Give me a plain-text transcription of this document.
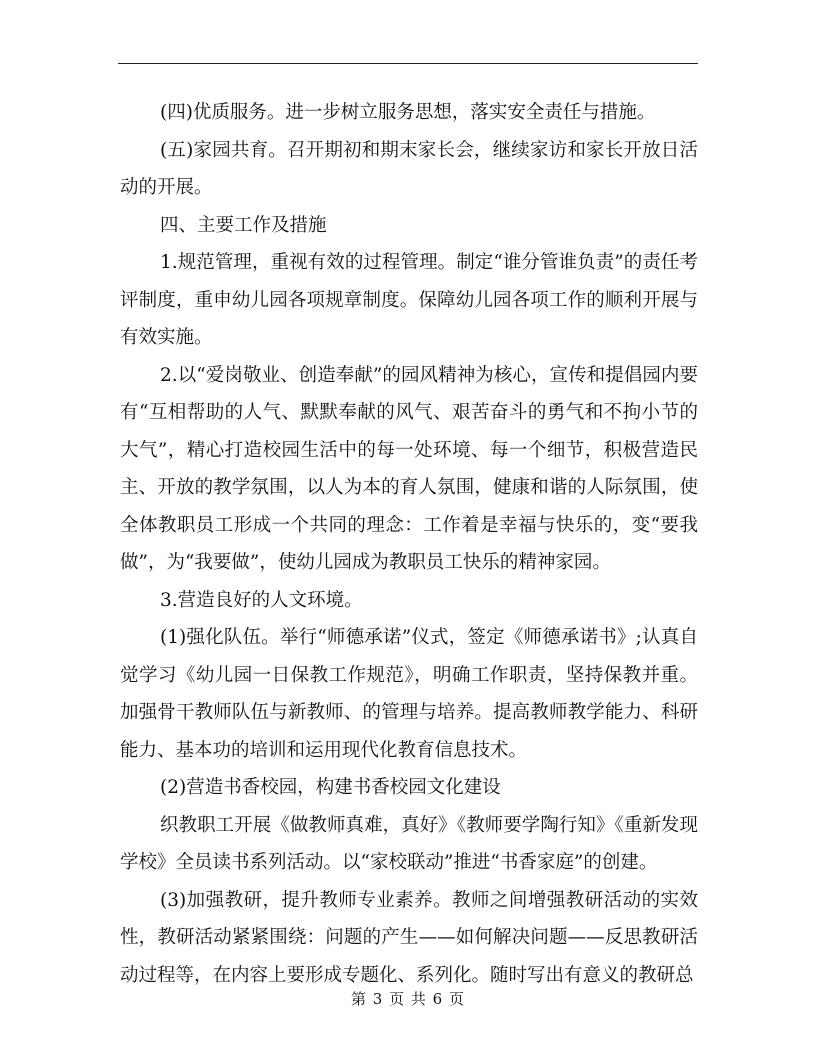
(四)优质服务。进一步树立服务思想，落实安全责任与措施。

(五)家园共育。召开期初和期末家长会，继续家访和家长开放日活动的开展。

四、主要工作及措施

1.规范管理，重视有效的过程管理。制定“谁分管谁负责”的责任考评制度，重申幼儿园各项规章制度。保障幼儿园各项工作的顺利开展与有效实施。

2.以“爱岗敬业、创造奉献”的园风精神为核心，宣传和提倡园内要有“互相帮助的人气、默默奉献的风气、艰苦奋斗的勇气和不拘小节的大气”，精心打造校园生活中的每一处环境、每一个细节，积极营造民主、开放的教学氛围，以人为本的育人氛围，健康和谐的人际氛围，使全体教职员工形成一个共同的理念：工作着是幸福与快乐的，变“要我做”，为“我要做”，使幼儿园成为教职员工快乐的精神家园。

3.营造良好的人文环境。

(1)强化队伍。举行“师德承诺”仪式，签定《师德承诺书》;认真自觉学习《幼儿园一日保教工作规范》，明确工作职责，坚持保教并重。加强骨干教师队伍与新教师、的管理与培养。提高教师教学能力、科研能力、基本功的培训和运用现代化教育信息技术。

(2)营造书香校园，构建书香校园文化建设

织教职工开展《做教师真难，真好》《教师要学陶行知》《重新发现学校》全员读书系列活动。以“家校联动”推进“书香家庭”的创建。

(3)加强教研，提升教师专业素养。教师之间增强教研活动的实效性，教研活动紧紧围绕：问题的产生——如何解决问题——反思教研活动过程等，在内容上要形成专题化、系列化。随时写出有意义的教研总

第 3 页 共 6 页
